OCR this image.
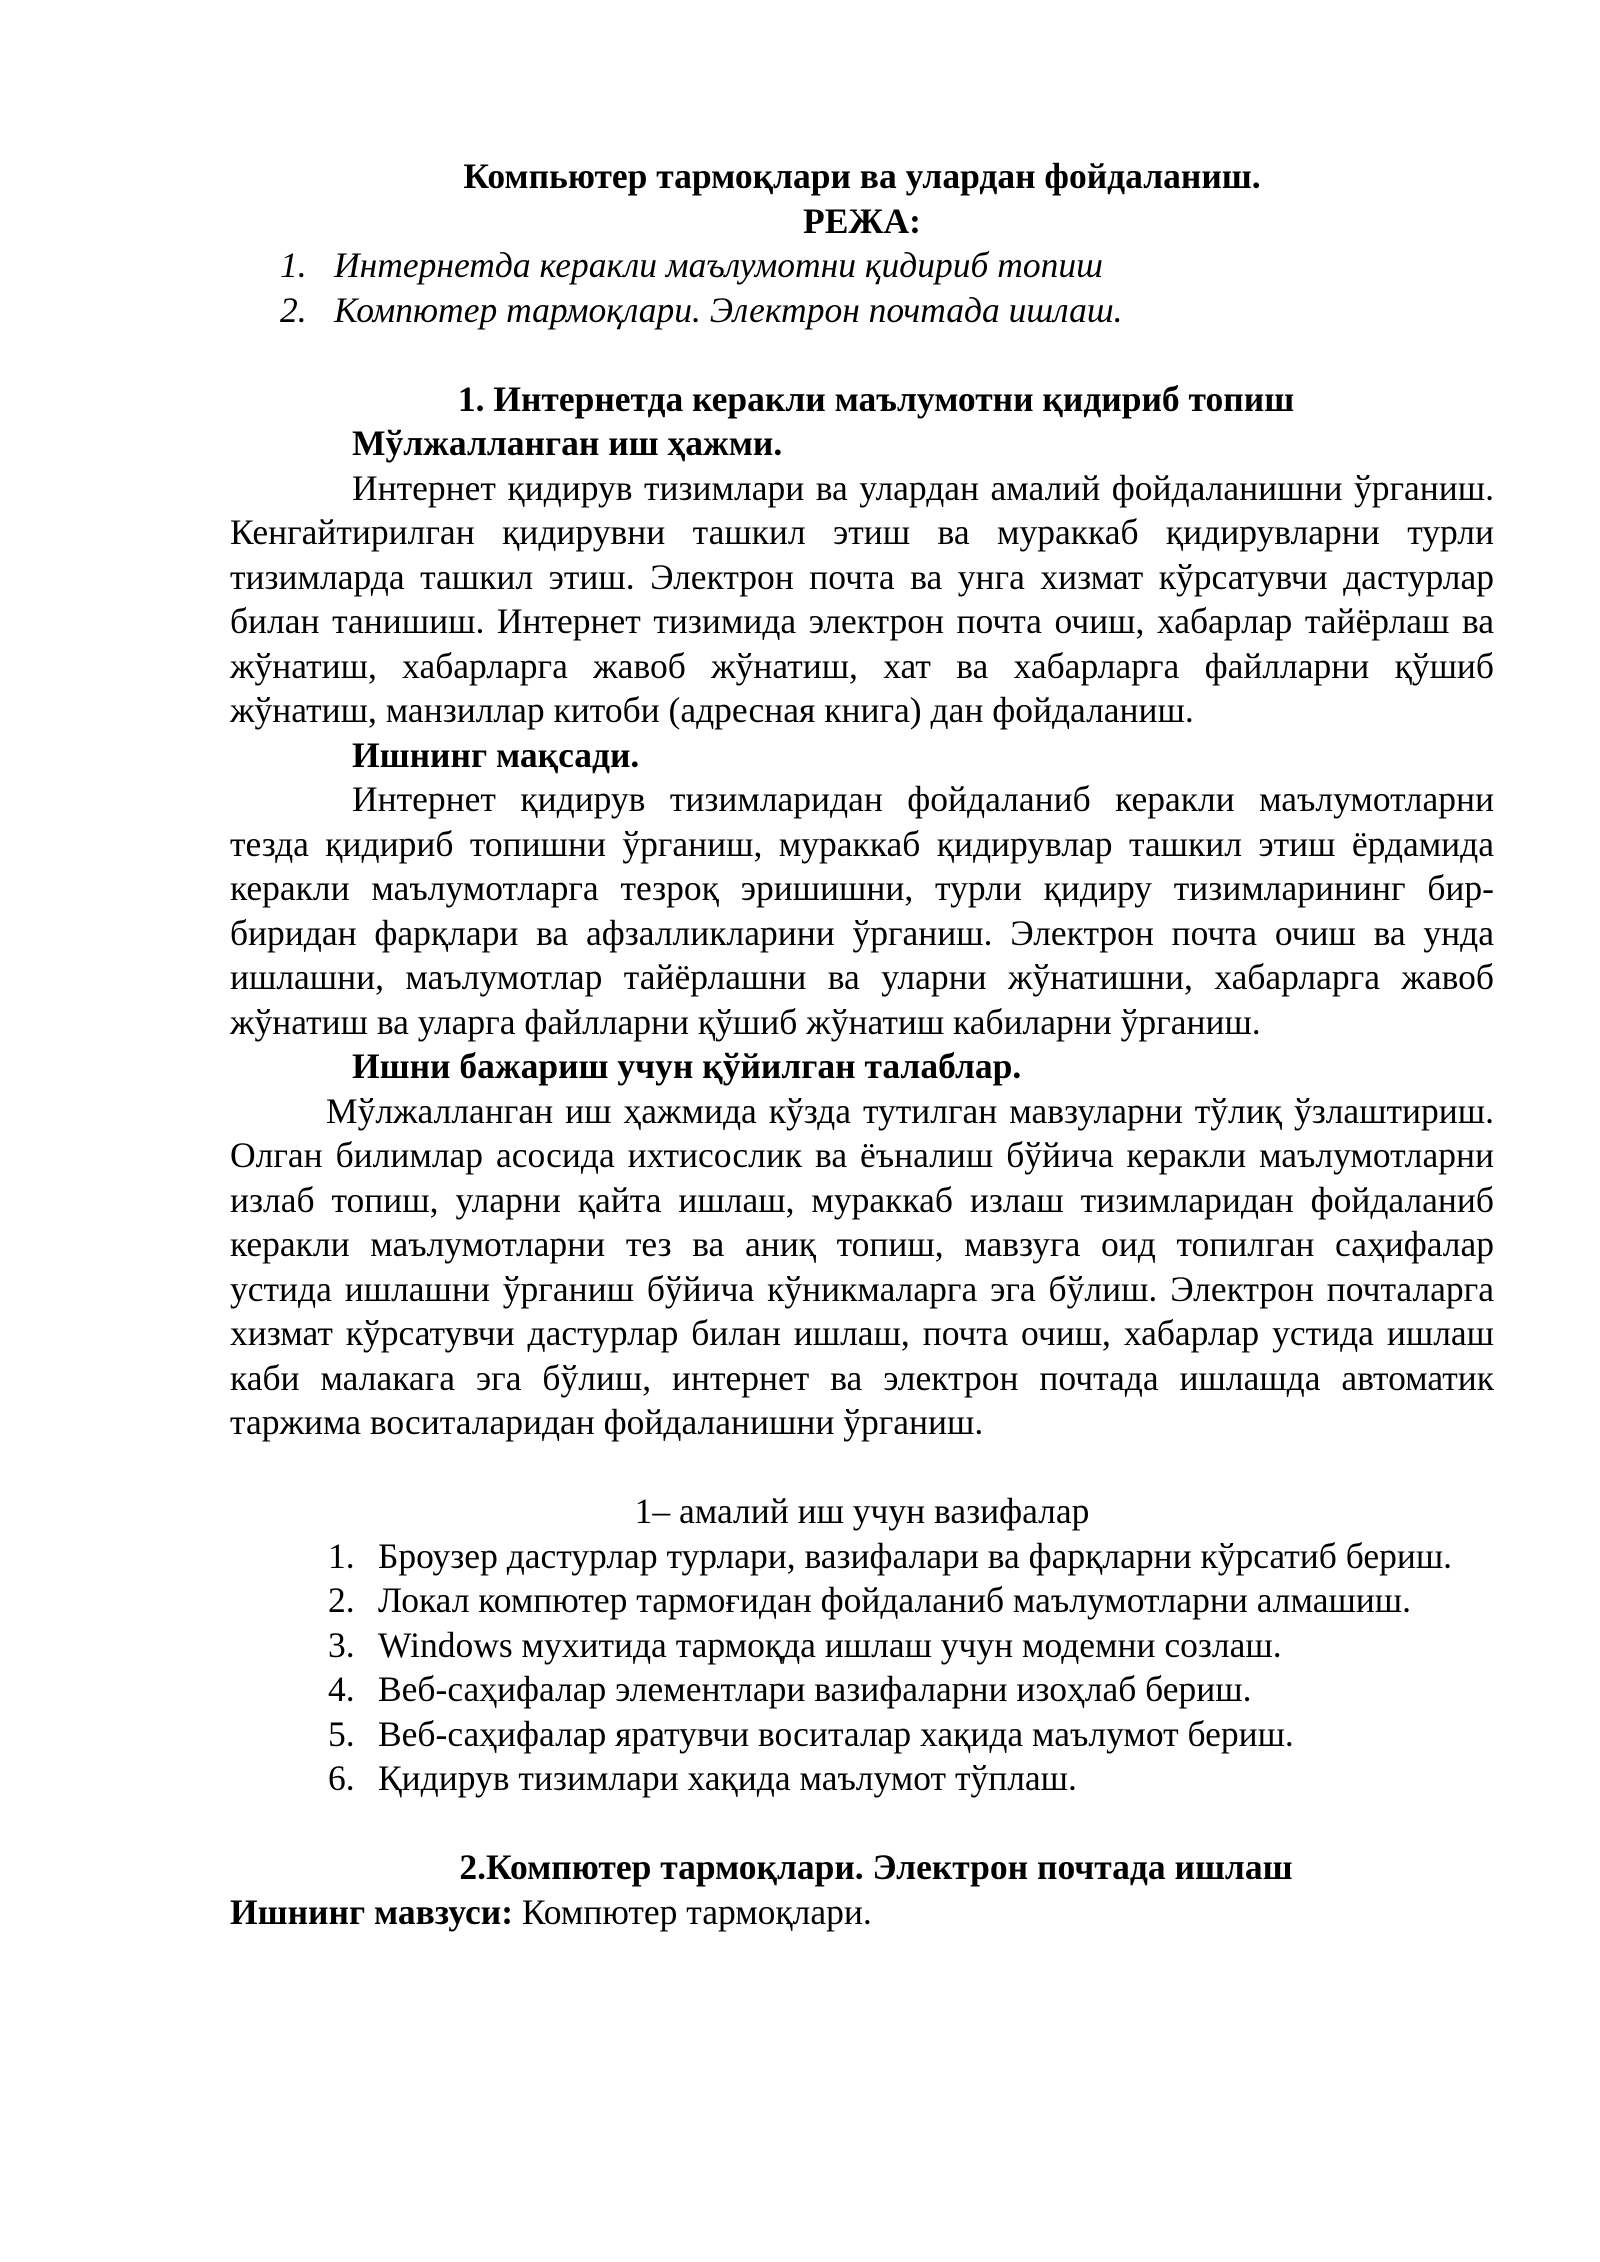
Компьютер тармоқлари ва улардан фойдаланиш.
РЕЖА:
1. Интернетда керакли маълумотни қидириб топиш
2. Компютер тармоқлари. Электрон почтада ишлаш.
1. Интернетда керакли маълумотни қидириб топиш
Мўлжалланган иш ҳажми.
Интернет қидирув тизимлари ва улардан амалий фойдаланишни ўрганиш. Кенгайтирилган қидирувни ташкил этиш ва мураккаб қидирувларни турли тизимларда ташкил этиш. Электрон почта ва унга хизмат кўрсатувчи дастурлар билан танишиш. Интернет тизимида электрон почта очиш, хабарлар тайёрлаш ва жўнатиш, хабарларга жавоб жўнатиш, хат ва хабарларга файлларни қўшиб жўнатиш, манзиллар китоби (адресная книга) дан фойдаланиш.
Ишнинг мақсади.
Интернет қидирув тизимларидан фойдаланиб керакли маълумотларни тезда қидириб топишни ўрганиш, мураккаб қидирувлар ташкил этиш ёрдамида керакли маълумотларга тезроқ эришишни, турли қидиру тизимларининг бир-биридан фарқлари ва афзалликларини ўрганиш. Электрон почта очиш ва унда ишлашни, маълумотлар тайёрлашни ва уларни жўнатишни, хабарларга жавоб жўнатиш ва уларга файлларни қўшиб жўнатиш кабиларни ўрганиш.
Ишни бажариш учун қўйилган талаблар.
Мўлжалланган иш ҳажмида кўзда тутилган мавзуларни тўлиқ ўзлаштириш. Олган билимлар асосида ихтисослик ва ёъналиш бўйича керакли маълумотларни излаб топиш, уларни қайта ишлаш, мураккаб излаш тизимларидан фойдаланиб керакли маълумотларни тез ва аниқ топиш, мавзуга оид топилган саҳифалар устида ишлашни ўрганиш бўйича кўникмаларга эга бўлиш. Электрон почталарга хизмат кўрсатувчи дастурлар билан ишлаш, почта очиш, хабарлар устида ишлаш каби малакага эга бўлиш, интернет ва электрон почтада ишлашда автоматик таржима воситаларидан фойдаланишни ўрганиш.
1– амалий иш учун вазифалар
1. Броузер дастурлар турлари, вазифалари ва фарқларни кўрсатиб бериш.
2. Локал компютер тармоғидан фойдаланиб маълумотларни алмашиш.
3. Windows мухитида тармоқда ишлаш учун модемни созлаш.
4. Веб-саҳифалар элементлари вазифаларни изоҳлаб бериш.
5. Веб-саҳифалар яратувчи воситалар хақида маълумот бериш.
6. Қидирув тизимлари хақида маълумот тўплаш.
2.Компютер тармоқлари. Электрон почтада ишлаш
Ишнинг мавзуси: Компютер тармоқлари.
